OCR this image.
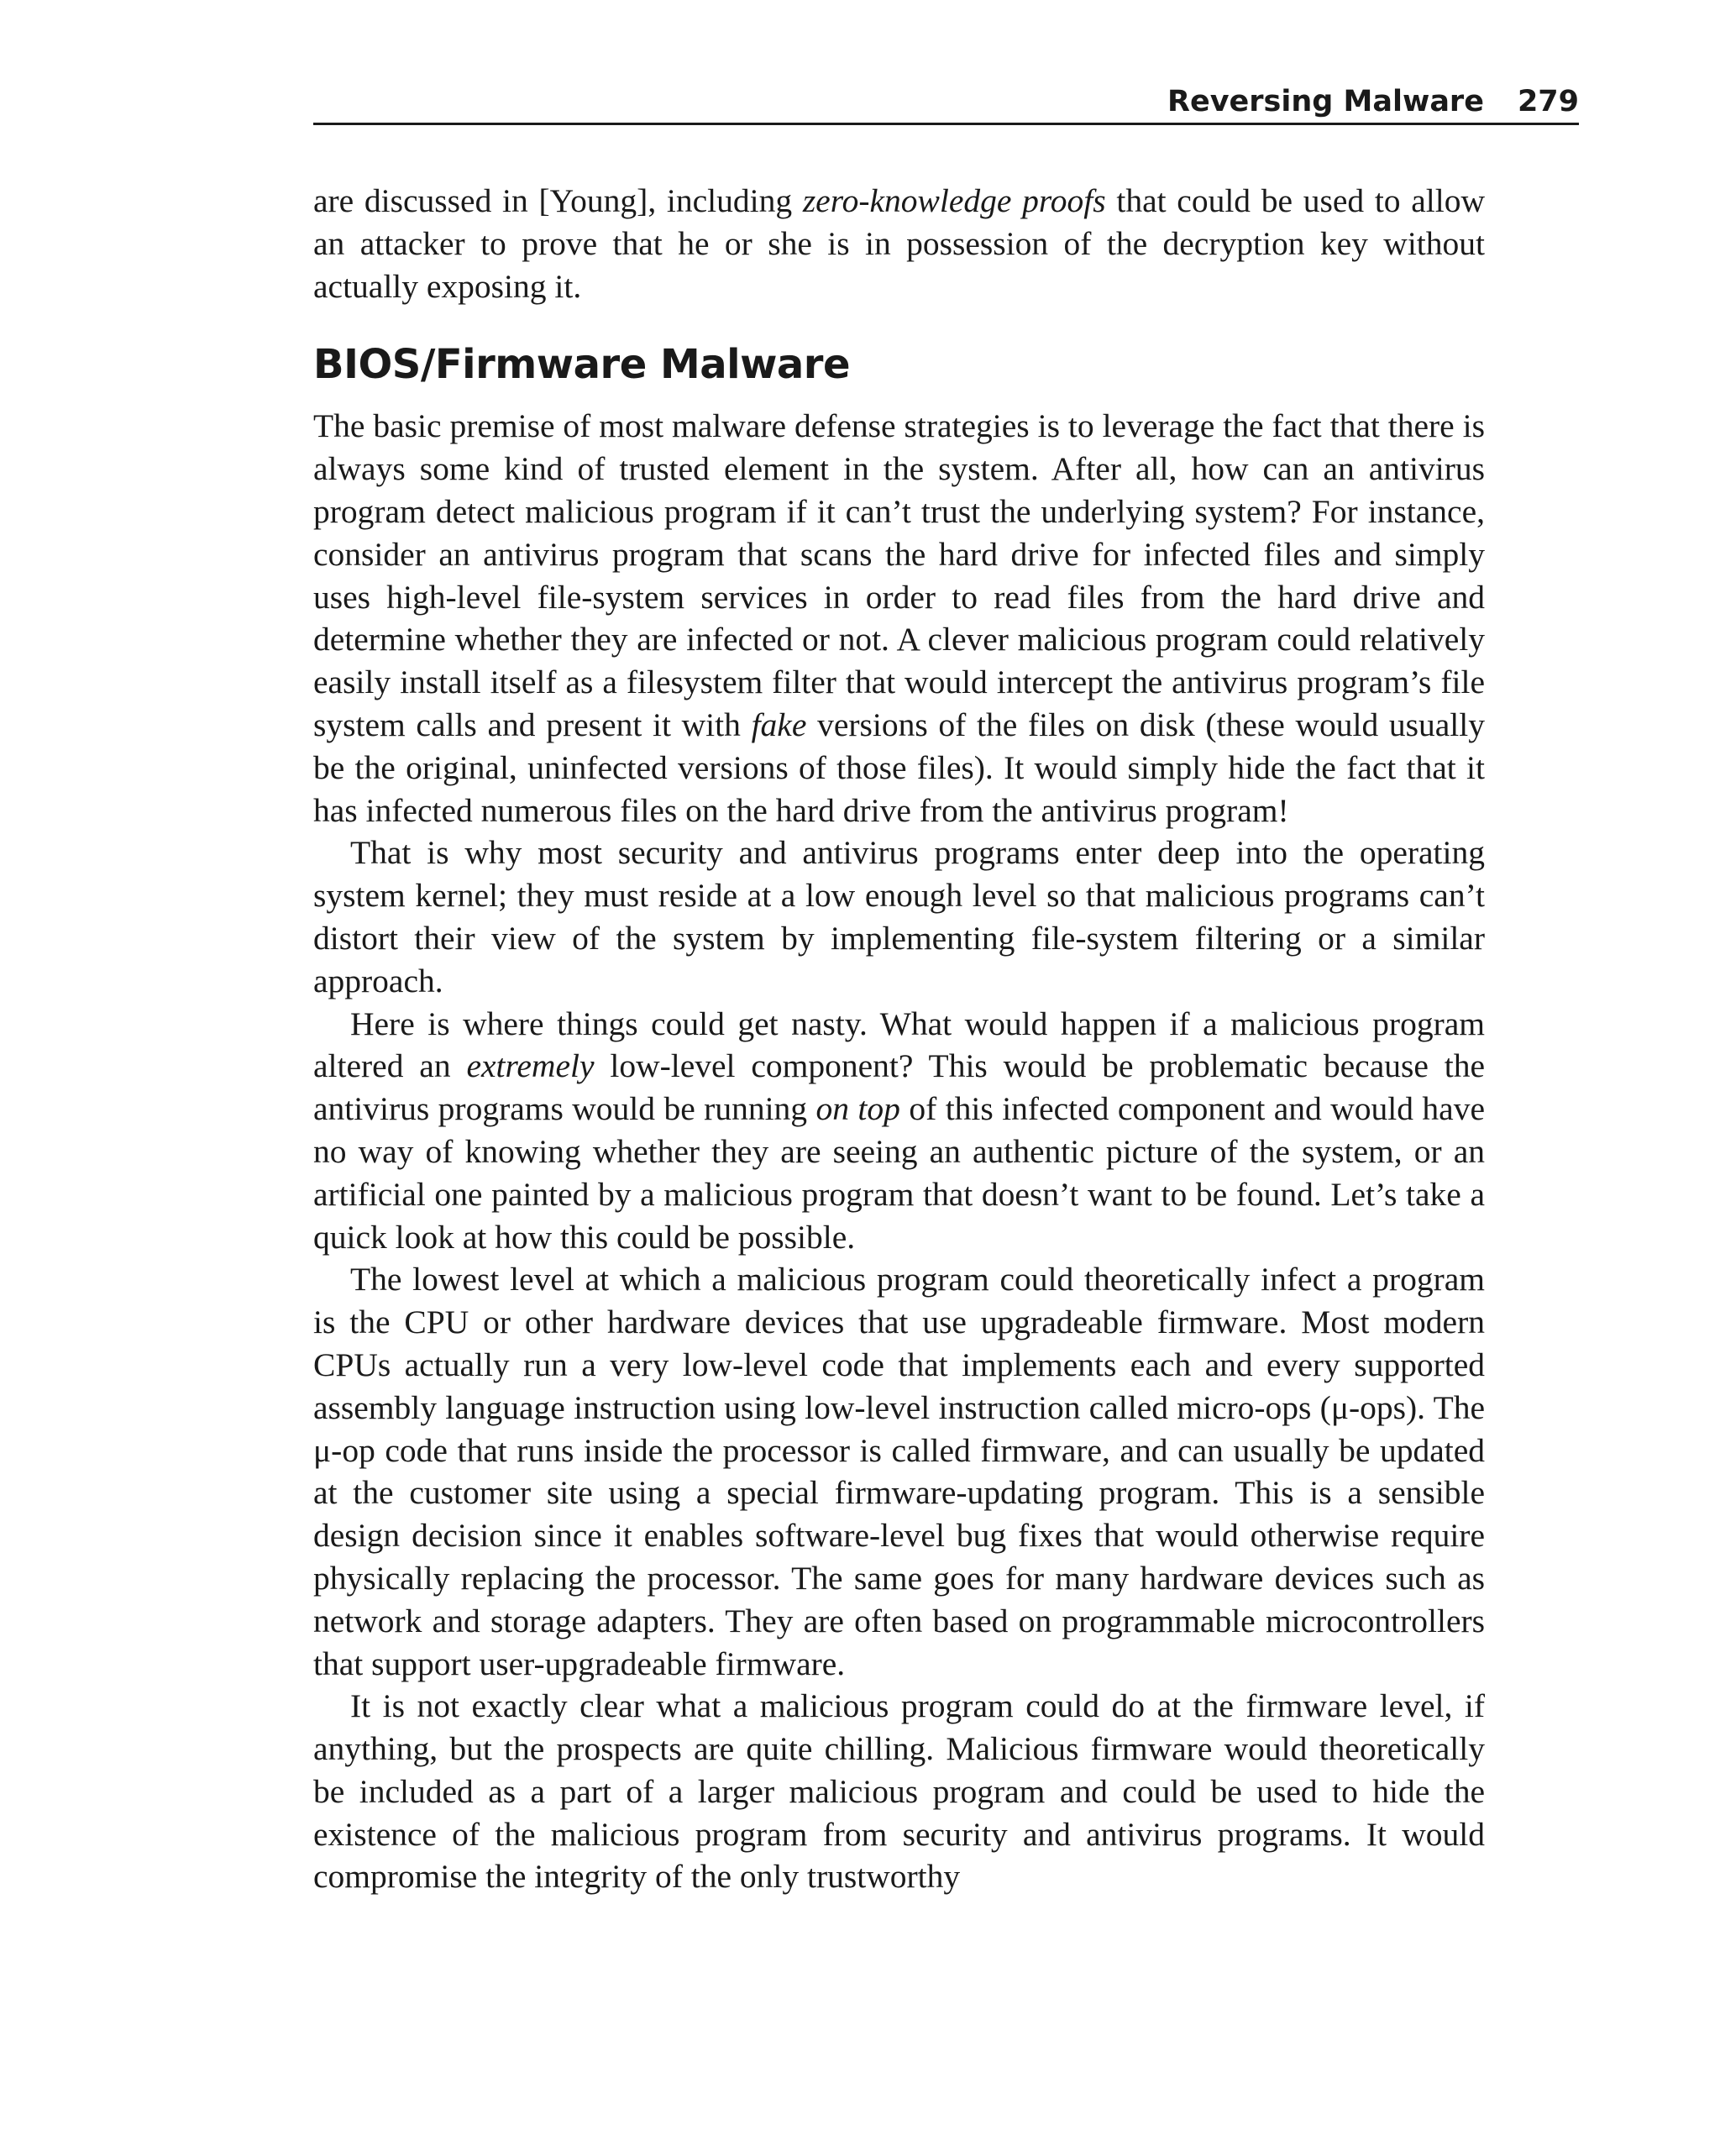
Reversing Malware 279

are discussed in [Young], including zero-knowledge proofs that could be used to allow an attacker to prove that he or she is in possession of the decryption key without actually exposing it.

BIOS/Firmware Malware

The basic premise of most malware defense strategies is to leverage the fact that there is always some kind of trusted element in the system. After all, how can an antivirus program detect malicious program if it can’t trust the underlying system? For instance, consider an antivirus program that scans the hard drive for infected files and simply uses high-level file-system services in order to read files from the hard drive and determine whether they are infected or not. A clever malicious program could relatively easily install itself as a filesystem filter that would intercept the antivirus program’s file system calls and present it with fake versions of the files on disk (these would usually be the original, uninfected versions of those files). It would simply hide the fact that it has infected numerous files on the hard drive from the antivirus program!

That is why most security and antivirus programs enter deep into the operating system kernel; they must reside at a low enough level so that malicious programs can’t distort their view of the system by implementing file-system filtering or a similar approach.

Here is where things could get nasty. What would happen if a malicious program altered an extremely low-level component? This would be problematic because the antivirus programs would be running on top of this infected component and would have no way of knowing whether they are seeing an authentic picture of the system, or an artificial one painted by a malicious program that doesn’t want to be found. Let’s take a quick look at how this could be possible.

The lowest level at which a malicious program could theoretically infect a program is the CPU or other hardware devices that use upgradeable firmware. Most modern CPUs actually run a very low-level code that implements each and every supported assembly language instruction using low-level instruction called micro-ops (μ-ops). The μ-op code that runs inside the processor is called firmware, and can usually be updated at the customer site using a special firmware-updating program. This is a sensible design decision since it enables software-level bug fixes that would otherwise require physically replacing the processor. The same goes for many hardware devices such as network and storage adapters. They are often based on programmable microcontrollers that support user-upgradeable firmware.

It is not exactly clear what a malicious program could do at the firmware level, if anything, but the prospects are quite chilling. Malicious firmware would theoretically be included as a part of a larger malicious program and could be used to hide the existence of the malicious program from security and antivirus programs. It would compromise the integrity of the only trustworthy
